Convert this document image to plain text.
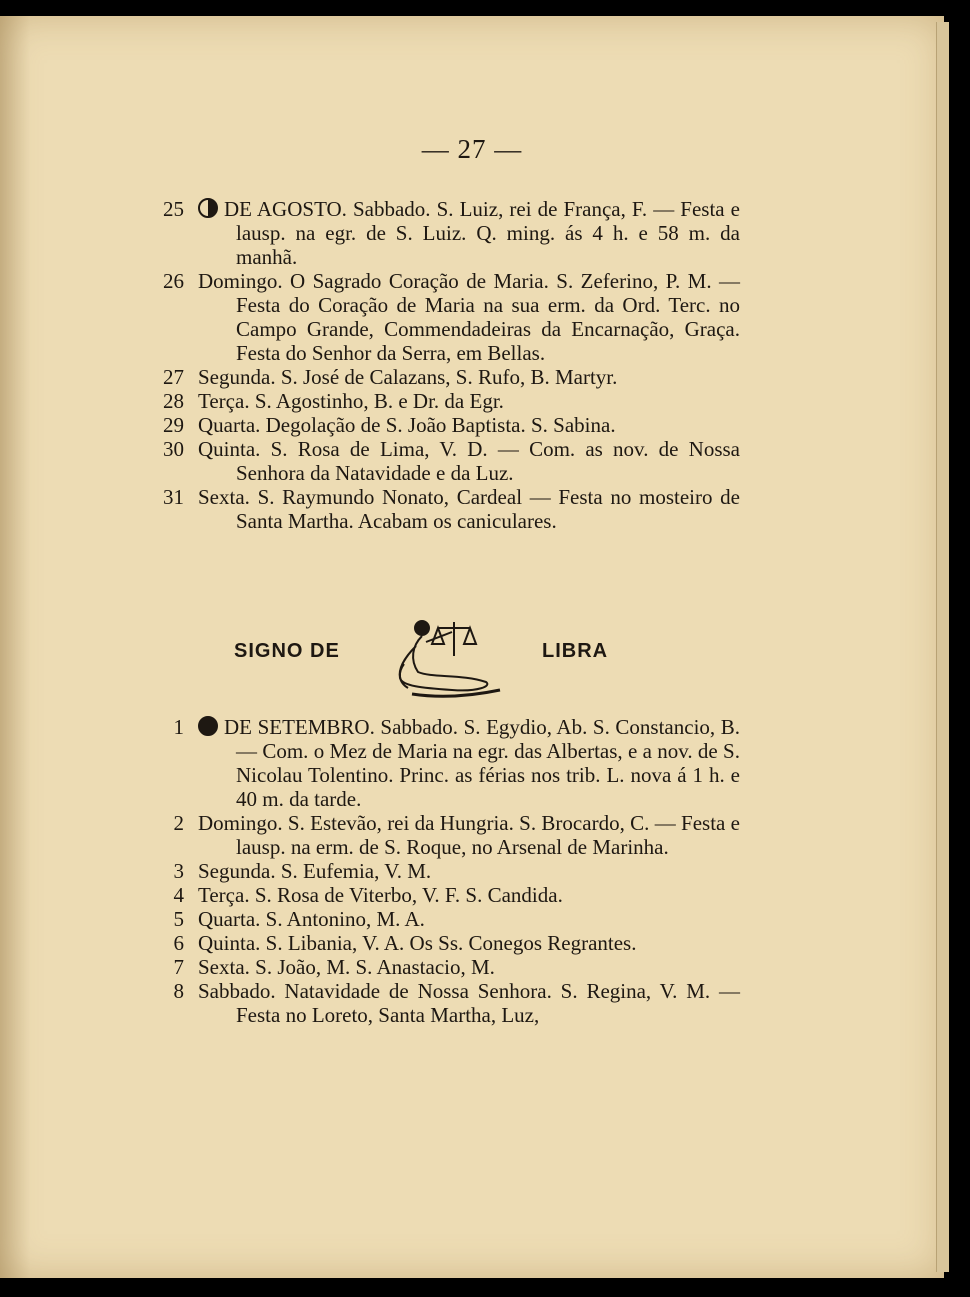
— 27 —
25	DE AGOSTO. Sabbado. S. Luiz, rei de França, F. — Festa e lausp. na egr. de S. Luiz. Q. ming. ás 4 h. e 58 m. da manhã.
26 Domingo. O Sagrado Coração de Maria. S. Zeferino, P. M. — Festa do Coração de Maria na sua erm. da Ord. Terc. no Campo Grande, Commendadeiras da Encarnação, Graça. Festa do Senhor da Serra, em Bellas.
27 Segunda. S. José de Calazans, S. Rufo, B. Martyr.
28 Terça. S. Agostinho, B. e Dr. da Egr.
29 Quarta. Degolação de S. João Baptista. S. Sabina.
30 Quinta. S. Rosa de Lima, V. D. — Com. as nov. de Nossa Senhora da Natavidade e da Luz.
31 Sexta. S. Raymundo Nonato, Cardeal — Festa no mosteiro de Santa Martha. Acabam os caniculares.
SIGNO DE	LIBRA
1	DE SETEMBRO. Sabbado. S. Egydio, Ab. S. Constancio, B. — Com. o Mez de Maria na egr. das Albertas, e a nov. de S. Nicolau Tolentino. Princ. as férias nos trib. L. nova á 1 h. e 40 m. da tarde.
2 Domingo. S. Estevão, rei da Hungria. S. Brocardo, C. — Festa e lausp. na erm. de S. Roque, no Arsenal de Marinha.
3 Segunda. S. Eufemia, V. M.
4 Terça. S. Rosa de Viterbo, V. F. S. Candida.
5 Quarta. S. Antonino, M. A.
6 Quinta. S. Libania, V. A. Os Ss. Conegos Regrantes.
7 Sexta. S. João, M. S. Anastacio, M.
8 Sabbado. Natavidade de Nossa Senhora. S. Regina, V. M. — Festa no Loreto, Santa Martha, Luz,
